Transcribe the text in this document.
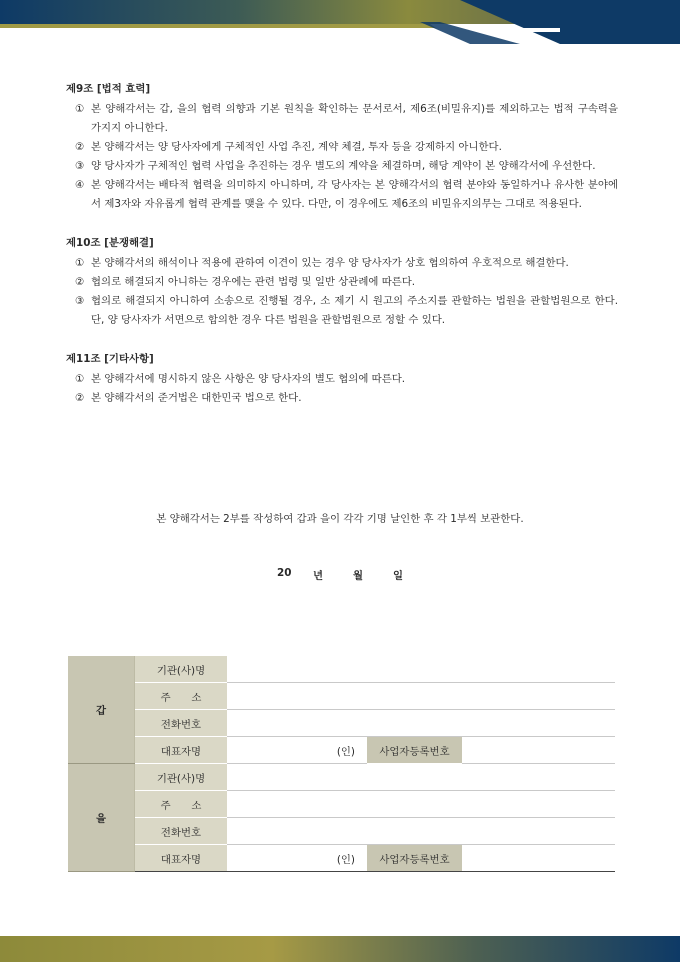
제9조 [법적 효력]
① 본 양해각서는 갑, 을의 협력 의향과 기본 원칙을 확인하는 문서로서, 제6조(비밀유지)를 제외하고는 법적 구속력을 가지지 아니한다.
② 본 양해각서는 양 당사자에게 구체적인 사업 추진, 계약 체결, 투자 등을 강제하지 아니한다.
③ 양 당사자가 구체적인 협력 사업을 추진하는 경우 별도의 계약을 체결하며, 해당 계약이 본 양해각서에 우선한다.
④ 본 양해각서는 배타적 협력을 의미하지 아니하며, 각 당사자는 본 양해각서의 협력 분야와 동일하거나 유사한 분야에서 제3자와 자유롭게 협력 관계를 맺을 수 있다. 다만, 이 경우에도 제6조의 비밀유지의무는 그대로 적용된다.
제10조 [분쟁해결]
① 본 양해각서의 해석이나 적용에 관하여 이견이 있는 경우 양 당사자가 상호 협의하여 우호적으로 해결한다.
② 협의로 해결되지 아니하는 경우에는 관련 법령 및 일반 상관례에 따른다.
③ 협의로 해결되지 아니하여 소송으로 진행될 경우, 소 제기 시 원고의 주소지를 관할하는 법원을 관할법원으로 한다. 단, 양 당사자가 서면으로 합의한 경우 다른 법원을 관할법원으로 정할 수 있다.
제11조 [기타사항]
① 본 양해각서에 명시하지 않은 사항은 양 당사자의 별도 협의에 따른다.
② 본 양해각서의 준거법은 대한민국 법으로 한다.
본 양해각서는 2부를 작성하여 갑과 을이 각각 기명 날인한 후 각 1부씩 보관한다.
20 년	월	일
갑	기관(사)명			
	주　　소			
	전화번호			
	대표자명	(인)	사업자등록번호	
을	기관(사)명			
	주　　소			
	전화번호			
	대표자명	(인)	사업자등록번호	
